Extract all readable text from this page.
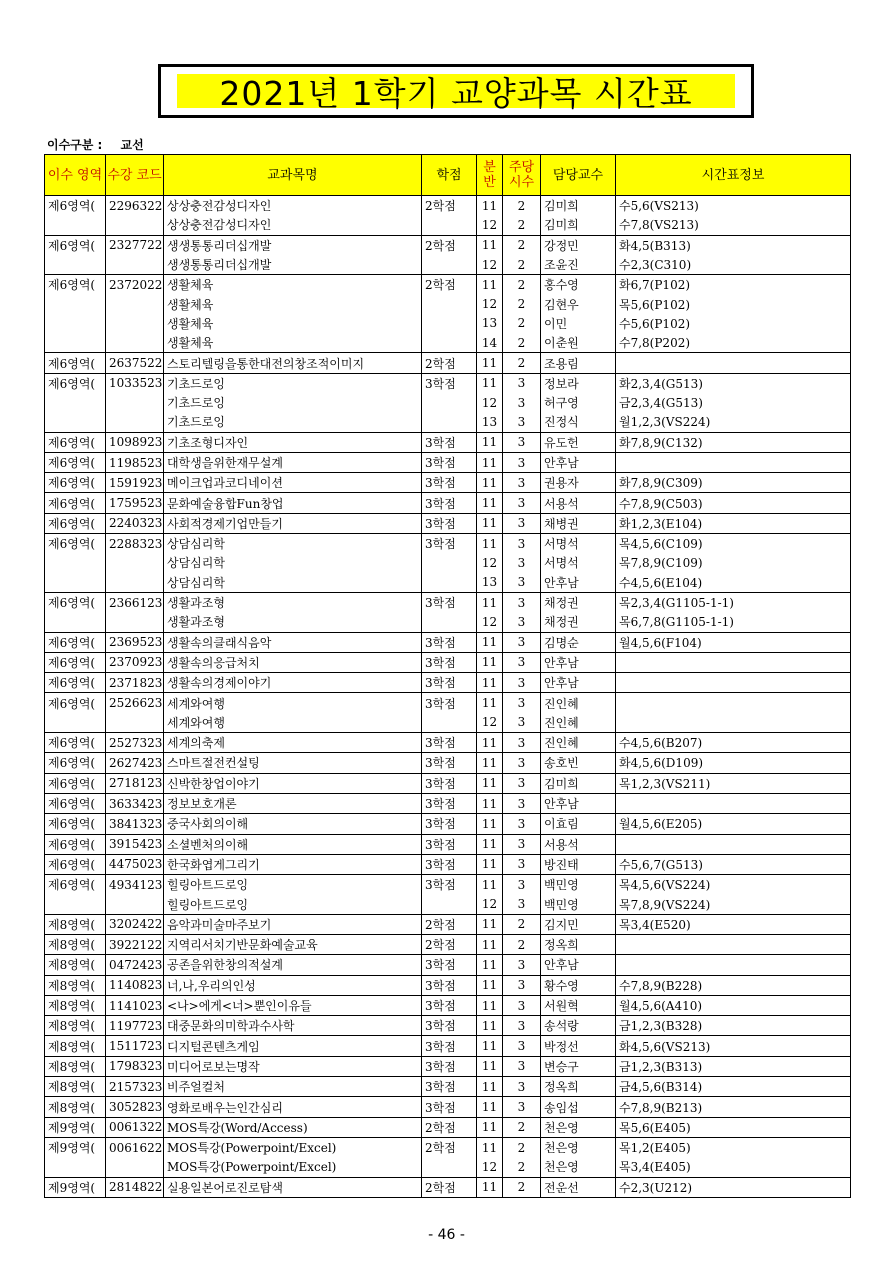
2021년 1학기 교양과목 시간표
이수구분 : 교선
이수 영역	수강 코드	교과목명	학점	분 반	주당 시수	담당교수	시간표정보
제6영역(	2296322	상상충전감성디자인	2학점	11	2	김미희	수5,6(VS213)
		상상충전감성디자인		12	2	김미희	수7,8(VS213)
제6영역(	2327722	생생통통리더십개발	2학점	11	2	강정민	화4,5(B313)
		생생통통리더십개발		12	2	조윤진	수2,3(C310)
제6영역(	2372022	생활체육	2학점	11	2	홍수영	화6,7(P102)
		생활체육		12	2	김현우	목5,6(P102)
		생활체육		13	2	이민	수5,6(P102)
		생활체육		14	2	이춘원	수7,8(P202)
제6영역(	2637522	스토리텔링을통한대전의창조적이미지	2학점	11	2	조용림	
제6영역(	1033523	기초드로잉	3학점	11	3	정보라	화2,3,4(G513)
		기초드로잉		12	3	허구영	금2,3,4(G513)
		기초드로잉		13	3	진정식	월1,2,3(VS224)
제6영역(	1098923	기초조형디자인	3학점	11	3	유도헌	화7,8,9(C132)
제6영역(	1198523	대학생을위한재무설계	3학점	11	3	안후남	
제6영역(	1591923	메이크업과코디네이션	3학점	11	3	권용자	화7,8,9(C309)
제6영역(	1759523	문화예술융합Fun창업	3학점	11	3	서용석	수7,8,9(C503)
제6영역(	2240323	사회적경제기업만들기	3학점	11	3	채병권	화1,2,3(E104)
제6영역(	2288323	상담심리학	3학점	11	3	서명석	목4,5,6(C109)
		상담심리학		12	3	서명석	목7,8,9(C109)
		상담심리학		13	3	안후남	수4,5,6(E104)
제6영역(	2366123	생활과조형	3학점	11	3	채정권	목2,3,4(G1105-1-1)
		생활과조형		12	3	채정권	목6,7,8(G1105-1-1)
제6영역(	2369523	생활속의클래식음악	3학점	11	3	김명순	월4,5,6(F104)
제6영역(	2370923	생활속의응급처치	3학점	11	3	안후남	
제6영역(	2371823	생활속의경제이야기	3학점	11	3	안후남	
제6영역(	2526623	세계와여행	3학점	11	3	진인혜	
		세계와여행		12	3	진인혜	
제6영역(	2527323	세계의축제	3학점	11	3	진인혜	수4,5,6(B207)
제6영역(	2627423	스마트절전컨설팅	3학점	11	3	송호빈	화4,5,6(D109)
제6영역(	2718123	신박한창업이야기	3학점	11	3	김미희	목1,2,3(VS211)
제6영역(	3633423	정보보호개론	3학점	11	3	안후남	
제6영역(	3841323	중국사회의이해	3학점	11	3	이효림	월4,5,6(E205)
제6영역(	3915423	소셜벤처의이해	3학점	11	3	서용석	
제6영역(	4475023	한국화엽게그리기	3학점	11	3	방진태	수5,6,7(G513)
제6영역(	4934123	힐링아트드로잉	3학점	11	3	백민영	목4,5,6(VS224)
		힐링아트드로잉		12	3	백민영	목7,8,9(VS224)
제8영역(	3202422	음악과미술마주보기	2학점	11	2	김지민	목3,4(E520)
제8영역(	3922122	지역리서치기반문화예술교육	2학점	11	2	정옥희	
제8영역(	0472423	공존을위한창의적설계	3학점	11	3	안후남	
제8영역(	1140823	너,나,우리의인성	3학점	11	3	황수영	수7,8,9(B228)
제8영역(	1141023	<나>에게<너>뿐인이유들	3학점	11	3	서원혁	월4,5,6(A410)
제8영역(	1197723	대중문화의미학과수사학	3학점	11	3	송석랑	금1,2,3(B328)
제8영역(	1511723	디지털콘텐츠게임	3학점	11	3	박정선	화4,5,6(VS213)
제8영역(	1798323	미디어로보는명작	3학점	11	3	변승구	금1,2,3(B313)
제8영역(	2157323	비주얼컬처	3학점	11	3	정옥희	금4,5,6(B314)
제8영역(	3052823	영화로배우는인간심리	3학점	11	3	송임섭	수7,8,9(B213)
제9영역(	0061322	MOS특강(Word/Access)	2학점	11	2	천은영	목5,6(E405)
제9영역(	0061622	MOS특강(Powerpoint/Excel)	2학점	11	2	천은영	목1,2(E405)
		MOS특강(Powerpoint/Excel)		12	2	천은영	목3,4(E405)
제9영역(	2814822	실용일본어로진로탐색	2학점	11	2	전운선	수2,3(U212)
- 46 -
